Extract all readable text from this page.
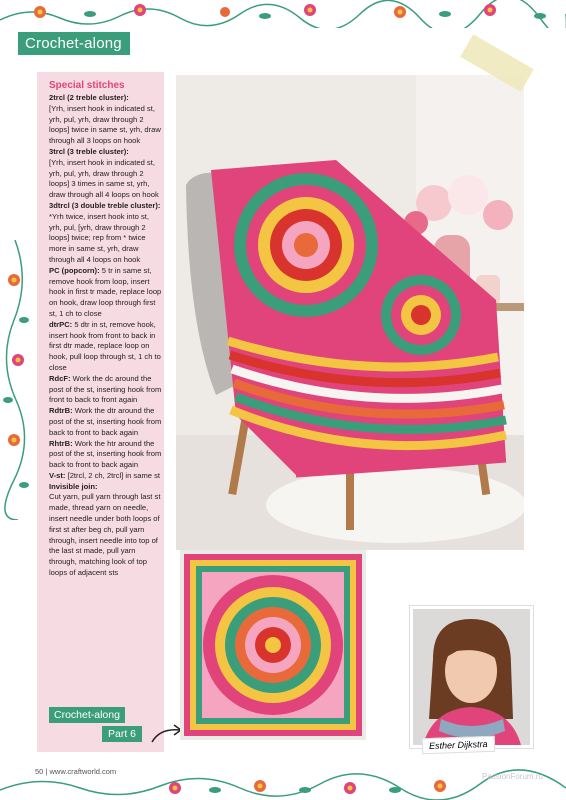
Crochet-along
Special stitches

2trcl (2 treble cluster):
[Yrh, insert hook in indicated st, yrh, pul, yrh, draw through 2 loops] twice in same st, yrh, draw through all 3 loops on hook

3trcl (3 treble cluster):
[Yrh, insert hook in indicated st, yrh, pul, yrh, draw through 2 loops] 3 times in same st, yrh, draw through all 4 loops on hook

3dtrcl (3 double treble cluster): *Yrh twice, insert hook into st, yrh, pul, [yrh, draw through 2 loops] twice; rep from * twice more in same st, yrh, draw through all 4 loops on hook

PC (popcorn): 5 tr in same st, remove hook from loop, insert hook in first tr made, replace loop on hook, draw loop through first st, 1 ch to close

dtrPC: 5 dtr in st, remove hook, insert hook from front to back in first dtr made, replace loop on hook, pull loop through st, 1 ch to close

RdcF: Work the dc around the post of the st, inserting hook from front to back to front again

RdtrB: Work the dtr around the post of the st, inserting hook from back to front to back again

RhtrB: Work the htr around the post of the st, inserting hook from back to front to back again

V-st: [2trcl, 2 ch, 2trcl] in same st

Invisible join:
Cut yarn, pull yarn through last st made, thread yarn on needle, insert needle under both loops of first st after beg ch, pull yarn through, insert needle into top of the last st made, pull yarn through, matching look of top loops of adjacent sts

Crochet-along
Part 6
Esther Dijkstra
50 | www.craftworld.com
PassionForum.ru
